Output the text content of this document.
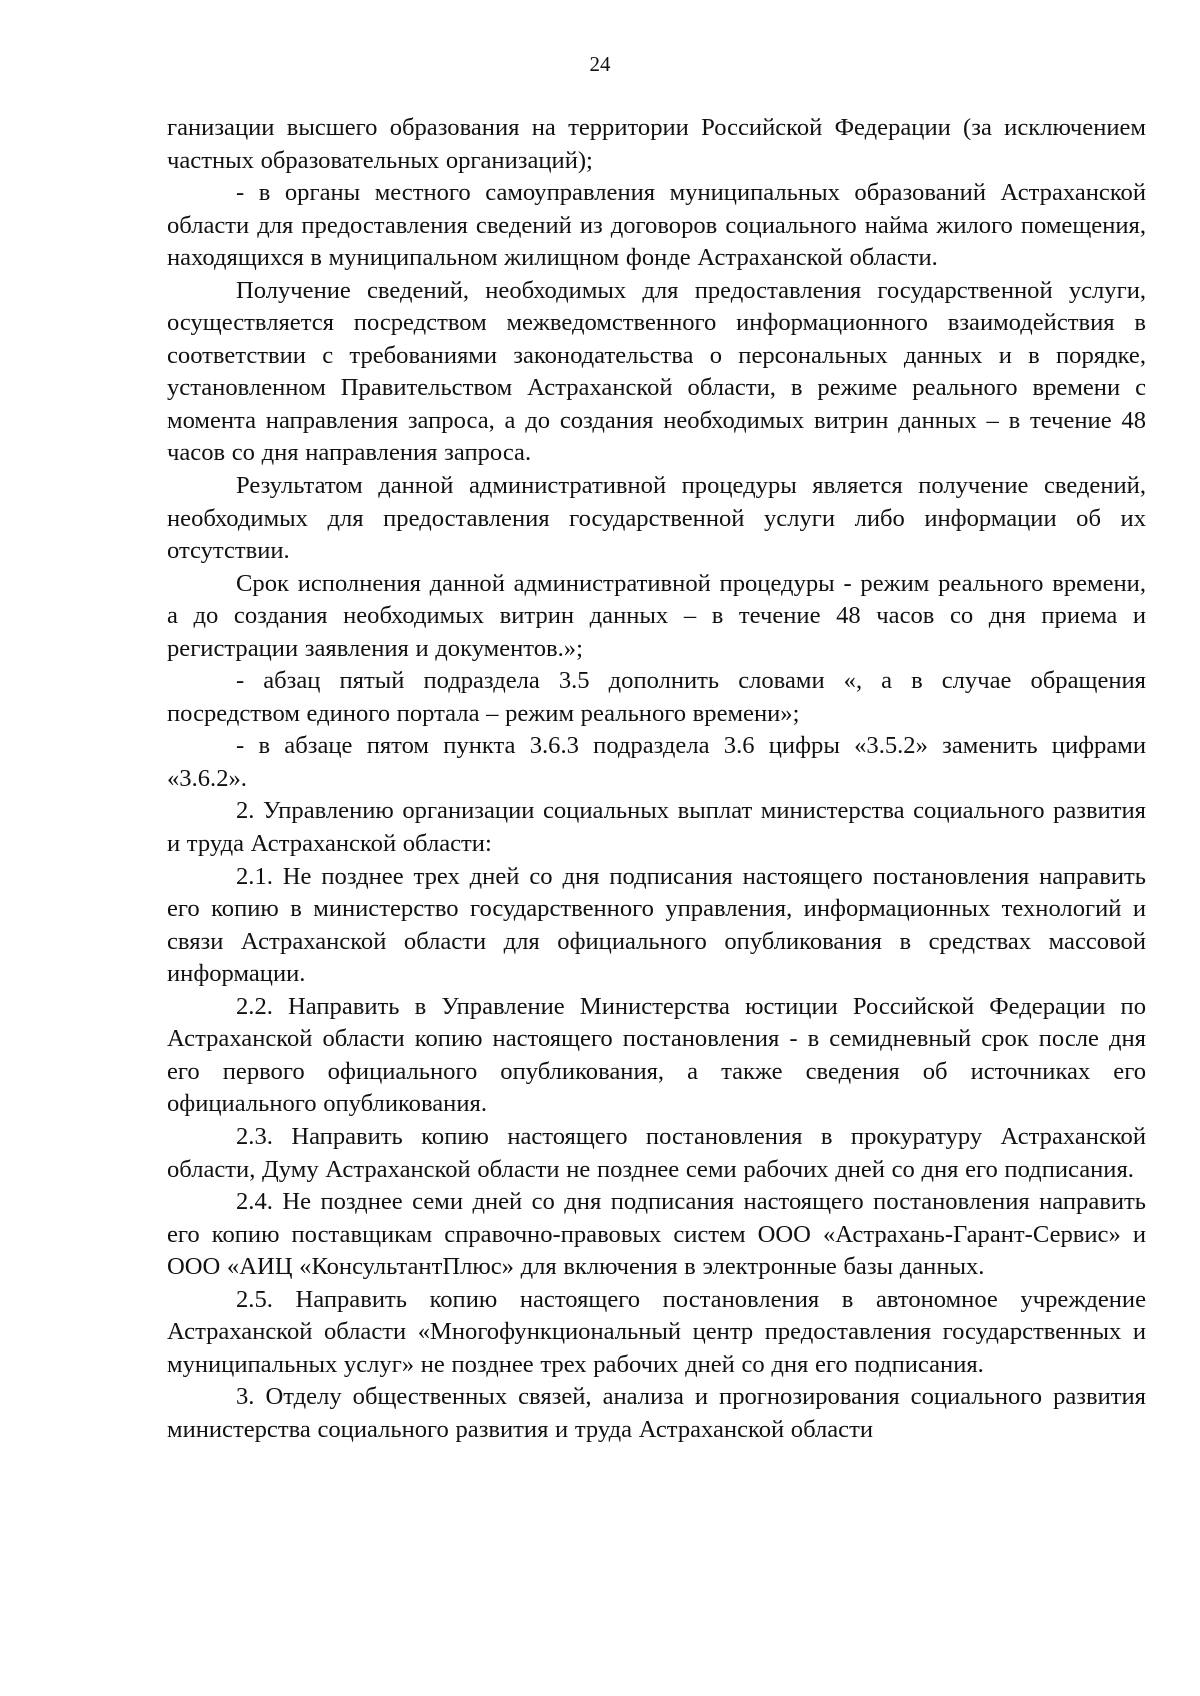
24

ганизации высшего образования на территории Российской Федерации (за исключением частных образовательных организаций);

- в органы местного самоуправления муниципальных образований Астраханской области для предоставления сведений из договоров социального найма жилого помещения, находящихся в муниципальном жилищном фонде Астраханской области.

Получение сведений, необходимых для предоставления государственной услуги, осуществляется посредством межведомственного информационного взаимодействия в соответствии с требованиями законодательства о персональных данных и в порядке, установленном Правительством Астраханской области, в режиме реального времени с момента направления запроса, а до создания необходимых витрин данных – в течение 48 часов со дня направления запроса.

Результатом данной административной процедуры является получение сведений, необходимых для предоставления государственной услуги либо информации об их отсутствии.

Срок исполнения данной административной процедуры - режим реального времени, а до создания необходимых витрин данных – в течение 48 часов со дня приема и регистрации заявления и документов.»;

- абзац пятый подраздела 3.5 дополнить словами «, а в случае обращения посредством единого портала – режим реального времени»;

- в абзаце пятом пункта 3.6.3 подраздела 3.6 цифры «3.5.2» заменить цифрами «3.6.2».

2. Управлению организации социальных выплат министерства социального развития и труда Астраханской области:

2.1. Не позднее трех дней со дня подписания настоящего постановления направить его копию в министерство государственного управления, информационных технологий и связи Астраханской области для официального опубликования в средствах массовой информации.

2.2. Направить в Управление Министерства юстиции Российской Федерации по Астраханской области копию настоящего постановления - в семидневный срок после дня его первого официального опубликования, а также сведения об источниках его официального опубликования.

2.3. Направить копию настоящего постановления в прокуратуру Астраханской области, Думу Астраханской области не позднее семи рабочих дней со дня его подписания.

2.4. Не позднее семи дней со дня подписания настоящего постановления направить его копию поставщикам справочно-правовых систем ООО «Астрахань-Гарант-Сервис» и ООО «АИЦ «КонсультантПлюс» для включения в электронные базы данных.

2.5. Направить копию настоящего постановления в автономное учреждение Астраханской области «Многофункциональный центр предоставления государственных и муниципальных услуг» не позднее трех рабочих дней со дня его подписания.

3. Отделу общественных связей, анализа и прогнозирования социального развития министерства социального развития и труда Астраханской области
